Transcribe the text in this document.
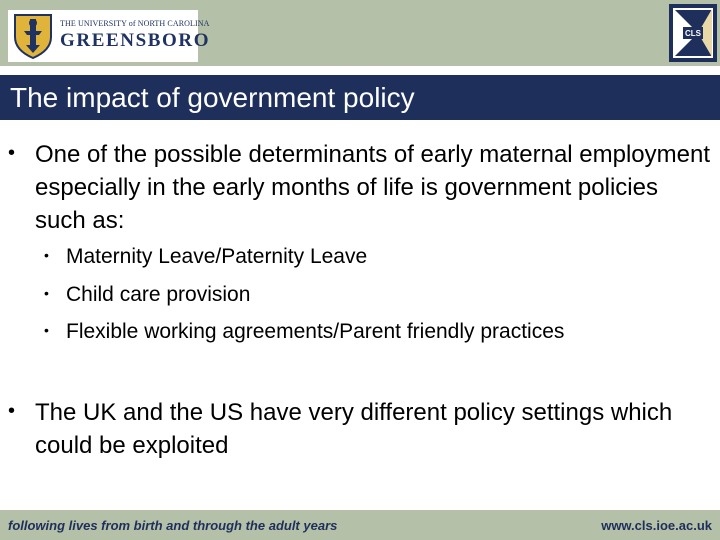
THE UNIVERSITY of NORTH CAROLINA
GREENSBORO	CLS
The impact of government policy
• One of the possible determinants of early maternal employment especially in the early months of life is government policies such as:
• Maternity Leave/Paternity Leave
• Child care provision
• Flexible working agreements/Parent friendly practices
• The UK and the US have very different policy settings which could be exploited
following lives from birth and through the adult years	www.cls.ioe.ac.uk
